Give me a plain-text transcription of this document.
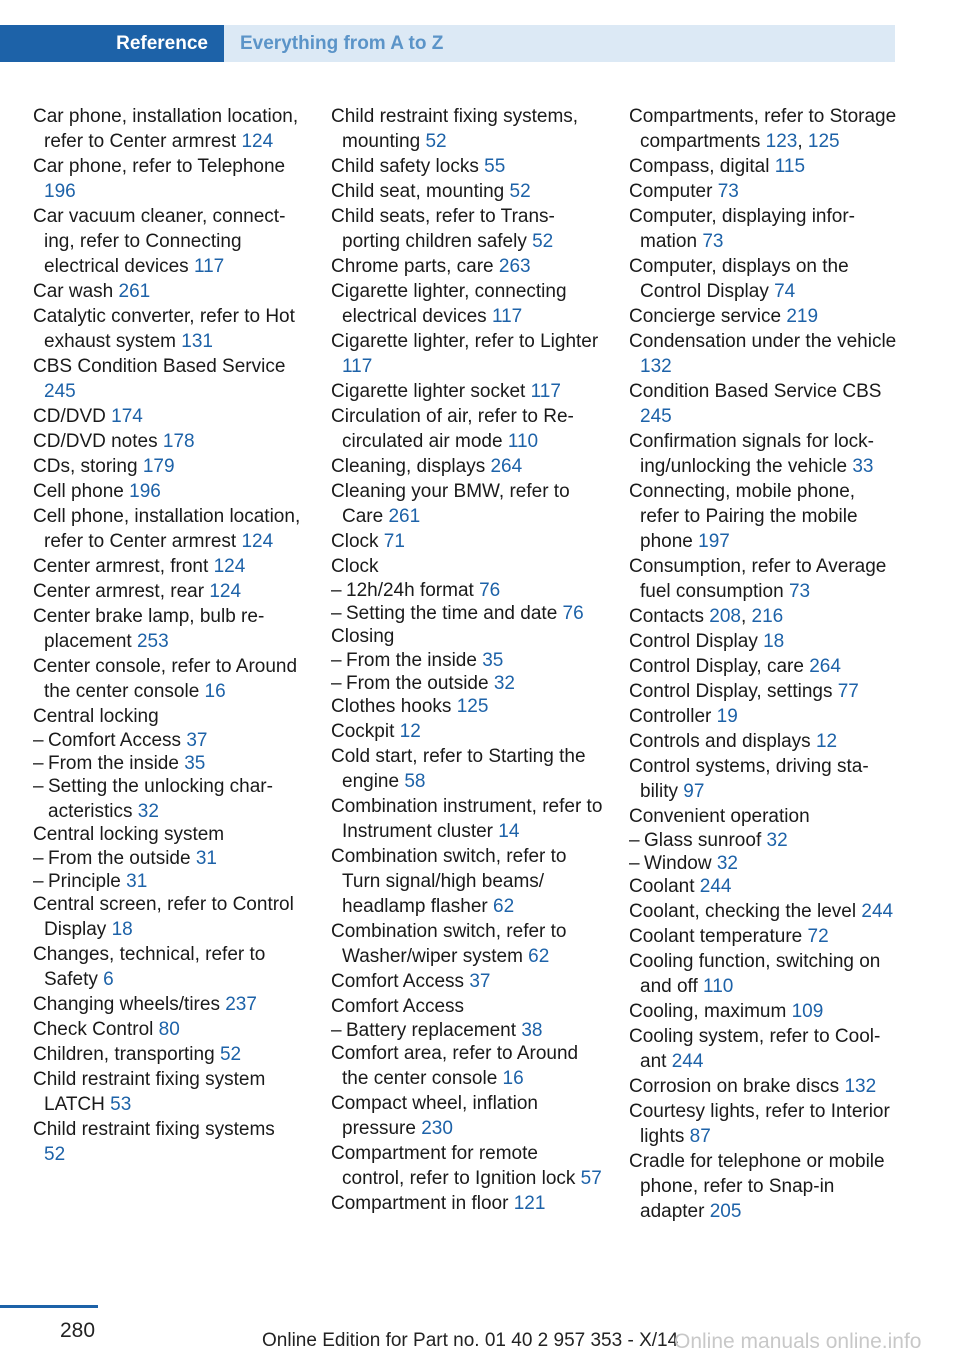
Reference	Everything from A to Z

Car phone, installation location, refer to Center armrest 124

Car phone, refer to Telephone 196

Car vacuum cleaner, connecting, refer to Connecting electrical devices 117

Car wash 261

Catalytic converter, refer to Hot exhaust system 131

CBS Condition Based Service 245

CD/DVD 174

CD/DVD notes 178

CDs, storing 179

Cell phone 196

Cell phone, installation location, refer to Center armrest 124

Center armrest, front 124

Center armrest, rear 124

Center brake lamp, bulb replacement 253

Center console, refer to Around the center console 16

Central locking

– Comfort Access 37

– From the inside 35

– Setting the unlocking characteristics 32

Central locking system

– From the outside 31

– Principle 31

Central screen, refer to Control Display 18

Changes, technical, refer to Safety 6

Changing wheels/tires 237

Check Control 80

Children, transporting 52

Child restraint fixing system LATCH 53

Child restraint fixing systems 52

Child restraint fixing systems, mounting 52

Child safety locks 55

Child seat, mounting 52

Child seats, refer to Transporting children safely 52

Chrome parts, care 263

Cigarette lighter, connecting electrical devices 117

Cigarette lighter, refer to Lighter 117

Cigarette lighter socket 117

Circulation of air, refer to Recirculated air mode 110

Cleaning, displays 264

Cleaning your BMW, refer to Care 261

Clock 71

Clock

– 12h/24h format 76

– Setting the time and date 76

Closing

– From the inside 35

– From the outside 32

Clothes hooks 125

Cockpit 12

Cold start, refer to Starting the engine 58

Combination instrument, refer to Instrument cluster 14

Combination switch, refer to Turn signal/high beams/ headlamp flasher 62

Combination switch, refer to Washer/wiper system 62

Comfort Access 37

Comfort Access

– Battery replacement 38

Comfort area, refer to Around the center console 16

Compact wheel, inflation pressure 230

Compartment for remote control, refer to Ignition lock 57

Compartment in floor 121

Compartments, refer to Storage compartments 123, 125

Compass, digital 115

Computer 73

Computer, displaying information 73

Computer, displays on the Control Display 74

Concierge service 219

Condensation under the vehicle 132

Condition Based Service CBS 245

Confirmation signals for locking/unlocking the vehicle 33

Connecting, mobile phone, refer to Pairing the mobile phone 197

Consumption, refer to Average fuel consumption 73

Contacts 208, 216

Control Display 18

Control Display, care 264

Control Display, settings 77

Controller 19

Controls and displays 12

Control systems, driving stability 97

Convenient operation

– Glass sunroof 32

– Window 32

Coolant 244

Coolant, checking the level 244

Coolant temperature 72

Cooling function, switching on and off 110

Cooling, maximum 109

Cooling system, refer to Coolant 244

Corrosion on brake discs 132

Courtesy lights, refer to Interior lights 87

Cradle for telephone or mobile phone, refer to Snap-in adapter 205

280	Online Edition for Part no. 01 40 2 957 353 - X/14
Online manuals online.info
